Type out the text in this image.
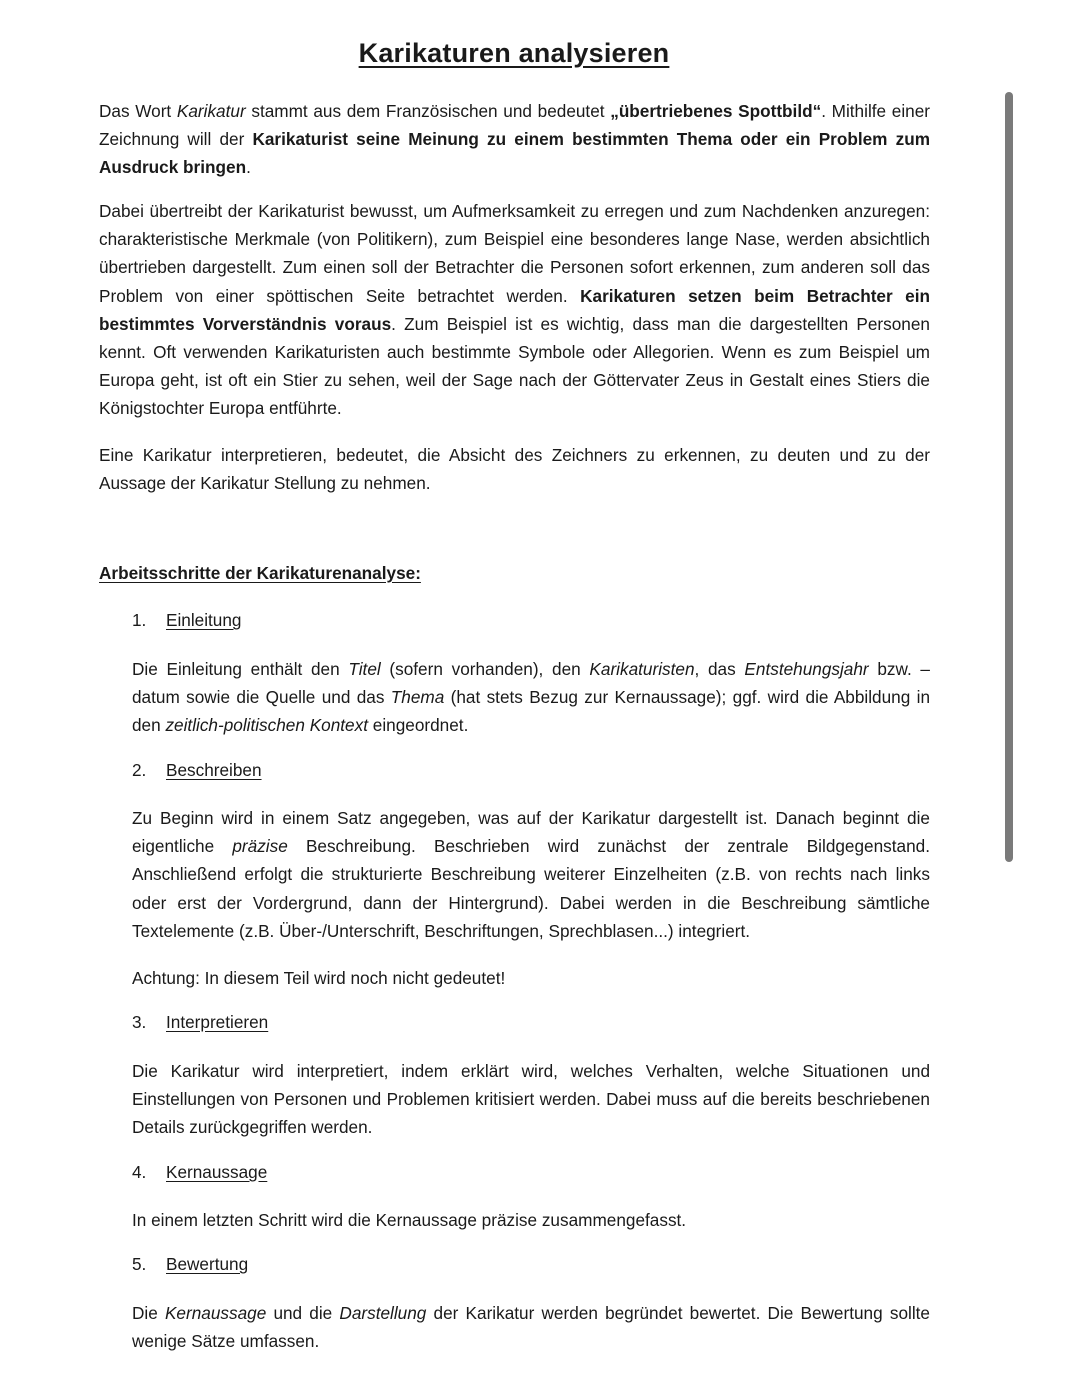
Karikaturen analysieren

Das Wort Karikatur stammt aus dem Französischen und bedeutet „übertriebenes Spottbild“. Mithilfe einer Zeichnung will der Karikaturist seine Meinung zu einem bestimmten Thema oder ein Problem zum Ausdruck bringen.

Dabei übertreibt der Karikaturist bewusst, um Aufmerksamkeit zu erregen und zum Nachdenken anzuregen: charakteristische Merkmale (von Politikern), zum Beispiel eine besonderes lange Nase, werden absichtlich übertrieben dargestellt. Zum einen soll der Betrachter die Personen sofort erkennen, zum anderen soll das Problem von einer spöttischen Seite betrachtet werden. Karikaturen setzen beim Betrachter ein bestimmtes Vorverständnis voraus. Zum Beispiel ist es wichtig, dass man die dargestellten Personen kennt. Oft verwenden Karikaturisten auch bestimmte Symbole oder Allegorien. Wenn es zum Beispiel um Europa geht, ist oft ein Stier zu sehen, weil der Sage nach der Göttervater Zeus in Gestalt eines Stiers die Königstochter Europa entführte.

Eine Karikatur interpretieren, bedeutet, die Absicht des Zeichners zu erkennen, zu deuten und zu der Aussage der Karikatur Stellung zu nehmen.

Arbeitsschritte der Karikaturenanalyse:
1. Einleitung

Die Einleitung enthält den Titel (sofern vorhanden), den Karikaturisten, das Entstehungsjahr bzw. –datum sowie die Quelle und das Thema (hat stets Bezug zur Kernaussage); ggf. wird die Abbildung in den zeitlich-politischen Kontext eingeordnet.

2. Beschreiben

Zu Beginn wird in einem Satz angegeben, was auf der Karikatur dargestellt ist. Danach beginnt die eigentliche präzise Beschreibung. Beschrieben wird zunächst der zentrale Bildgegenstand. Anschließend erfolgt die strukturierte Beschreibung weiterer Einzelheiten (z.B. von rechts nach links oder erst der Vordergrund, dann der Hintergrund). Dabei werden in die Beschreibung sämtliche Textelemente (z.B. Über-/Unterschrift, Beschriftungen, Sprechblasen...) integriert.

Achtung: In diesem Teil wird noch nicht gedeutet!

3. Interpretieren

Die Karikatur wird interpretiert, indem erklärt wird, welches Verhalten, welche Situationen und Einstellungen von Personen und Problemen kritisiert werden. Dabei muss auf die bereits beschriebenen Details zurückgegriffen werden.

4. Kernaussage

In einem letzten Schritt wird die Kernaussage präzise zusammengefasst.

5. Bewertung

Die Kernaussage und die Darstellung der Karikatur werden begründet bewertet. Die Bewertung sollte wenige Sätze umfassen.
